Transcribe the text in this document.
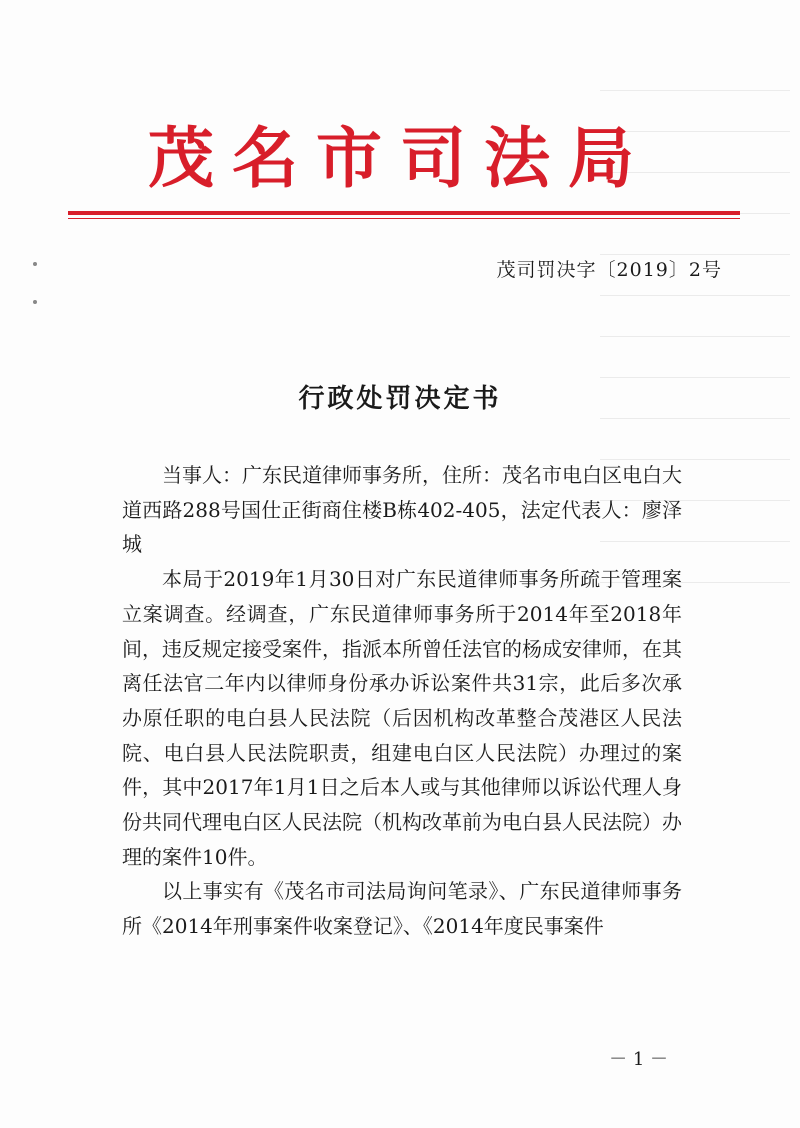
茂名市司法局
茂司罚决字〔2019〕2号
行政处罚决定书

当事人：广东民道律师事务所，住所：茂名市电白区电白大道西路288号国仕正街商住楼B栋402-405，法定代表人：廖泽城

本局于2019年1月30日对广东民道律师事务所疏于管理案立案调查。经调查，广东民道律师事务所于2014年至2018年间，违反规定接受案件，指派本所曾任法官的杨成安律师，在其离任法官二年内以律师身份承办诉讼案件共31宗，此后多次承办原任职的电白县人民法院（后因机构改革整合茂港区人民法院、电白县人民法院职责，组建电白区人民法院）办理过的案件，其中2017年1月1日之后本人或与其他律师以诉讼代理人身份共同代理电白区人民法院（机构改革前为电白县人民法院）办理的案件10件。

以上事实有《茂名市司法局询问笔录》、广东民道律师事务所《2014年刑事案件收案登记》、《2014年度民事案件

－ 1 －
